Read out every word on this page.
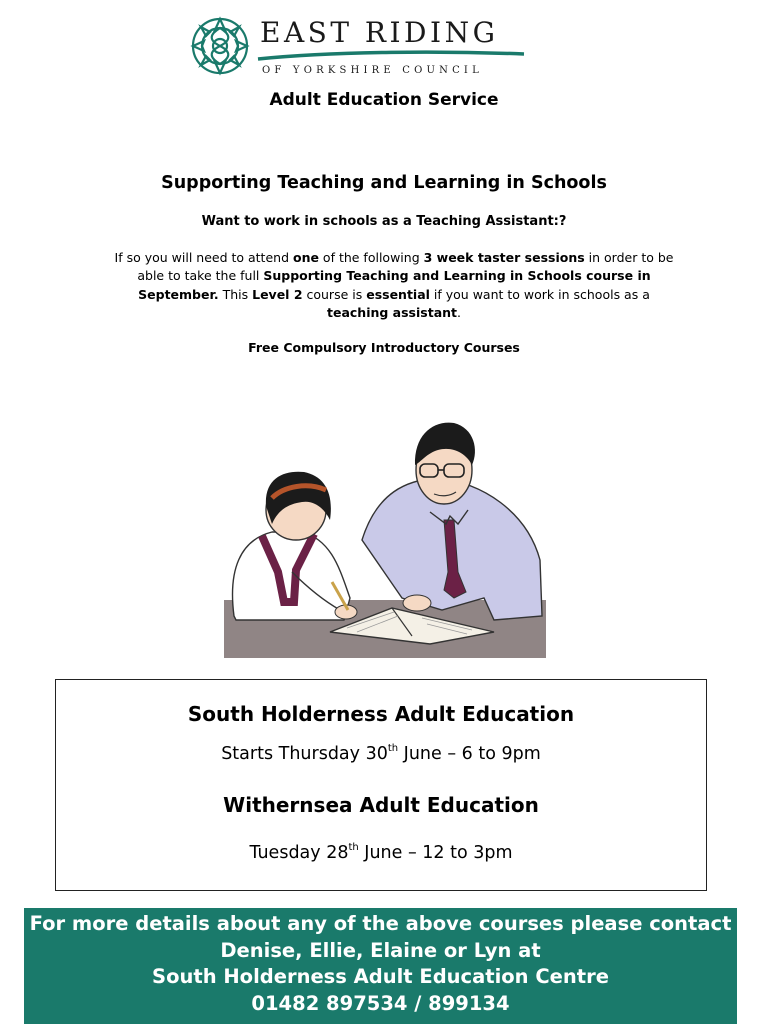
EAST RIDING
OF YORKSHIRE COUNCIL
Adult Education Service
Supporting Teaching and Learning in Schools
Want to work in schools as a Teaching Assistant:?
If so you will need to attend one of the following 3 week taster sessions in order to be able to take the full Supporting Teaching and Learning in Schools course in September. This Level 2 course is essential if you want to work in schools as a teaching assistant.
Free Compulsory Introductory Courses
South Holderness Adult Education
Starts Thursday 30th June – 6 to 9pm
Withernsea Adult Education
Tuesday 28th June – 12 to 3pm
For more details about any of the above courses please contact
Denise, Ellie, Elaine or Lyn at
South Holderness Adult Education Centre
01482 897534 / 899134
